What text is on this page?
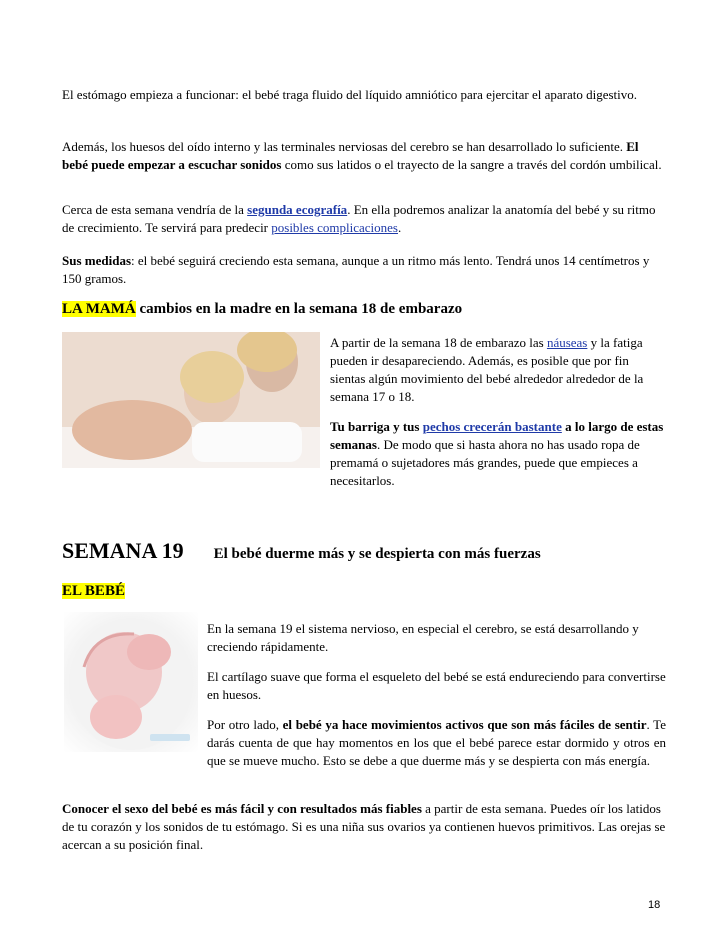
El estómago empieza a funcionar: el bebé traga fluido del líquido amniótico para ejercitar el aparato digestivo.

Además, los huesos del oído interno y las terminales nerviosas del cerebro se han desarrollado lo suficiente. El bebé puede empezar a escuchar sonidos como sus latidos o el trayecto de la sangre a través del cordón umbilical.

Cerca de esta semana vendría de la segunda ecografía. En ella podremos analizar la anatomía del bebé y su ritmo de crecimiento. Te servirá para predecir posibles complicaciones.

Sus medidas: el bebé seguirá creciendo esta semana, aunque a un ritmo más lento. Tendrá unos 14 centímetros y 150 gramos.

LA MAMÁ cambios en la madre en la semana 18 de embarazo

A partir de la semana 18 de embarazo las náuseas y la fatiga pueden ir desapareciendo. Además, es posible que por fin sientas algún movimiento del bebé alrededor alrededor de la semana 17 o 18.

Tu barriga y tus pechos crecerán bastante a lo largo de estas semanas. De modo que si hasta ahora no has usado ropa de premamá o sujetadores más grandes, puede que empieces a necesitarlos.

SEMANA 19 El bebé duerme más y se despierta con más fuerzas
EL BEBÉ

En la semana 19 el sistema nervioso, en especial el cerebro, se está desarrollando y creciendo rápidamente.

El cartílago suave que forma el esqueleto del bebé se está endureciendo para convertirse en huesos.

Por otro lado, el bebé ya hace movimientos activos que son más fáciles de sentir. Te darás cuenta de que hay momentos en los que el bebé parece estar dormido y otros en que se mueve mucho. Esto se debe a que duerme más y se despierta con más energía.

Conocer el sexo del bebé es más fácil y con resultados más fiables a partir de esta semana. Puedes oír los latidos de tu corazón y los sonidos de tu estómago. Si es una niña sus ovarios ya contienen huevos primitivos. Las orejas se acercan a su posición final.

18
